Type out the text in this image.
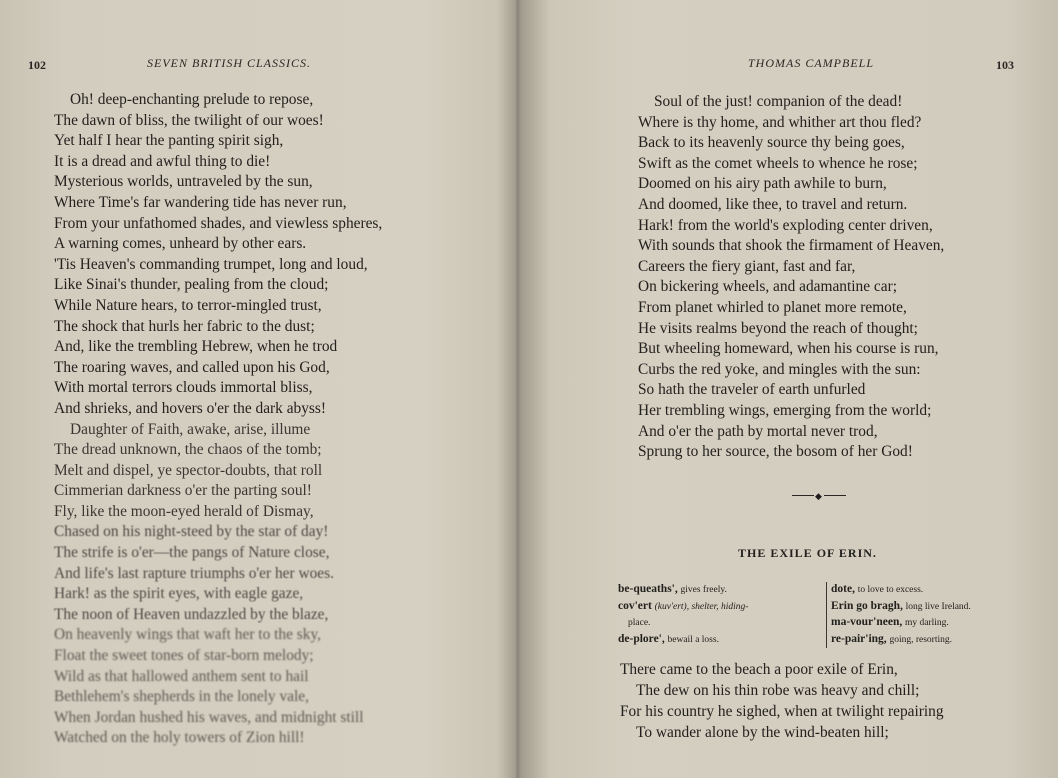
102	SEVEN BRITISH CLASSICS.
Oh! deep-enchanting prelude to repose,
The dawn of bliss, the twilight of our woes!
Yet half I hear the panting spirit sigh,
It is a dread and awful thing to die!
Mysterious worlds, untraveled by the sun,
Where Time's far wandering tide has never run,
From your unfathomed shades, and viewless spheres,
A warning comes, unheard by other ears.
'Tis Heaven's commanding trumpet, long and loud,
Like Sinai's thunder, pealing from the cloud;
While Nature hears, to terror-mingled trust,
The shock that hurls her fabric to the dust;
And, like the trembling Hebrew, when he trod
The roaring waves, and called upon his God,
With mortal terrors clouds immortal bliss,
And shrieks, and hovers o'er the dark abyss!
Daughter of Faith, awake, arise, illume
The dread unknown, the chaos of the tomb;
Melt and dispel, ye spector-doubts, that roll
Cimmerian darkness o'er the parting soul!
Fly, like the moon-eyed herald of Dismay,
Chased on his night-steed by the star of day!
The strife is o'er—the pangs of Nature close,
And life's last rapture triumphs o'er her woes.
Hark! as the spirit eyes, with eagle gaze,
The noon of Heaven undazzled by the blaze,
On heavenly wings that waft her to the sky,
Float the sweet tones of star-born melody;
Wild as that hallowed anthem sent to hail
Bethlehem's shepherds in the lonely vale,
When Jordan hushed his waves, and midnight still
Watched on the holy towers of Zion hill!
THOMAS CAMPBELL	103
Soul of the just! companion of the dead!
Where is thy home, and whither art thou fled?
Back to its heavenly source thy being goes,
Swift as the comet wheels to whence he rose;
Doomed on his airy path awhile to burn,
And doomed, like thee, to travel and return.
Hark! from the world's exploding center driven,
With sounds that shook the firmament of Heaven,
Careers the fiery giant, fast and far,
On bickering wheels, and adamantine car;
From planet whirled to planet more remote,
He visits realms beyond the reach of thought;
But wheeling homeward, when his course is run,
Curbs the red yoke, and mingles with the sun:
So hath the traveler of earth unfurled
Her trembling wings, emerging from the world;
And o'er the path by mortal never trod,
Sprung to her source, the bosom of her God!
◆
THE EXILE OF ERIN.
be-queaths', gives freely.
cov'ert (kuv'ert), shelter, hiding-
place.
de-plore', bewail a loss.
dote, to love to excess.
Erin go bragh, long live Ireland.
ma-vour'neen, my darling.
re-pair'ing, going, resorting.
There came to the beach a poor exile of Erin,
The dew on his thin robe was heavy and chill;
For his country he sighed, when at twilight repairing
To wander alone by the wind-beaten hill;
